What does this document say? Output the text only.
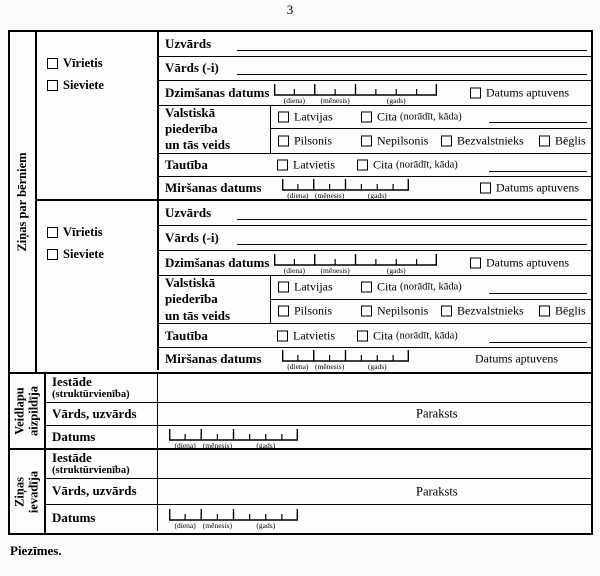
3
Ziņas par bērniem
Vīrietis
Sieviete
Uzvārds
Vārds (-i)
Dzimšanas datums
(diena) (mēnesis)	(gads)
Datums aptuvens
Valstiskā piederība
un tās veids
Latvijas	Cita (norādīt, kāda)
Pilsonis	Nepilsonis Bezvalstnieks	Bēglis
Tautība	Latvietis	Cita (norādīt, kāda)
Miršanas datums
(diena) (mēnesis)	(gads)
Datums aptuvens
Vīrietis
Sieviete
Uzvārds
Vārds (-i)
Dzimšanas datums
(diena) (mēnesis)	(gads)
Datums aptuvens
Valstiskā piederība
un tās veids
Latvijas	Cita (norādīt, kāda)
Pilsonis	Nepilsonis Bezvalstnieks	Bēglis
Tautība	Latvietis	Cita (norādīt, kāda)
Miršanas datums
(diena) (mēnesis)	(gads)
Datums aptuvens
Veidlapu aizpildīja
Iestāde
(struktūrvienība)
Vārds, uzvārds	Paraksts
Datums
(diena) (mēnesis)	(gads)
Ziņas ievadīja
Iestāde
(struktūrvienība)
Vārds, uzvārds	Paraksts
Datums
(diena) (mēnesis)	(gads)
Piezīmes.
